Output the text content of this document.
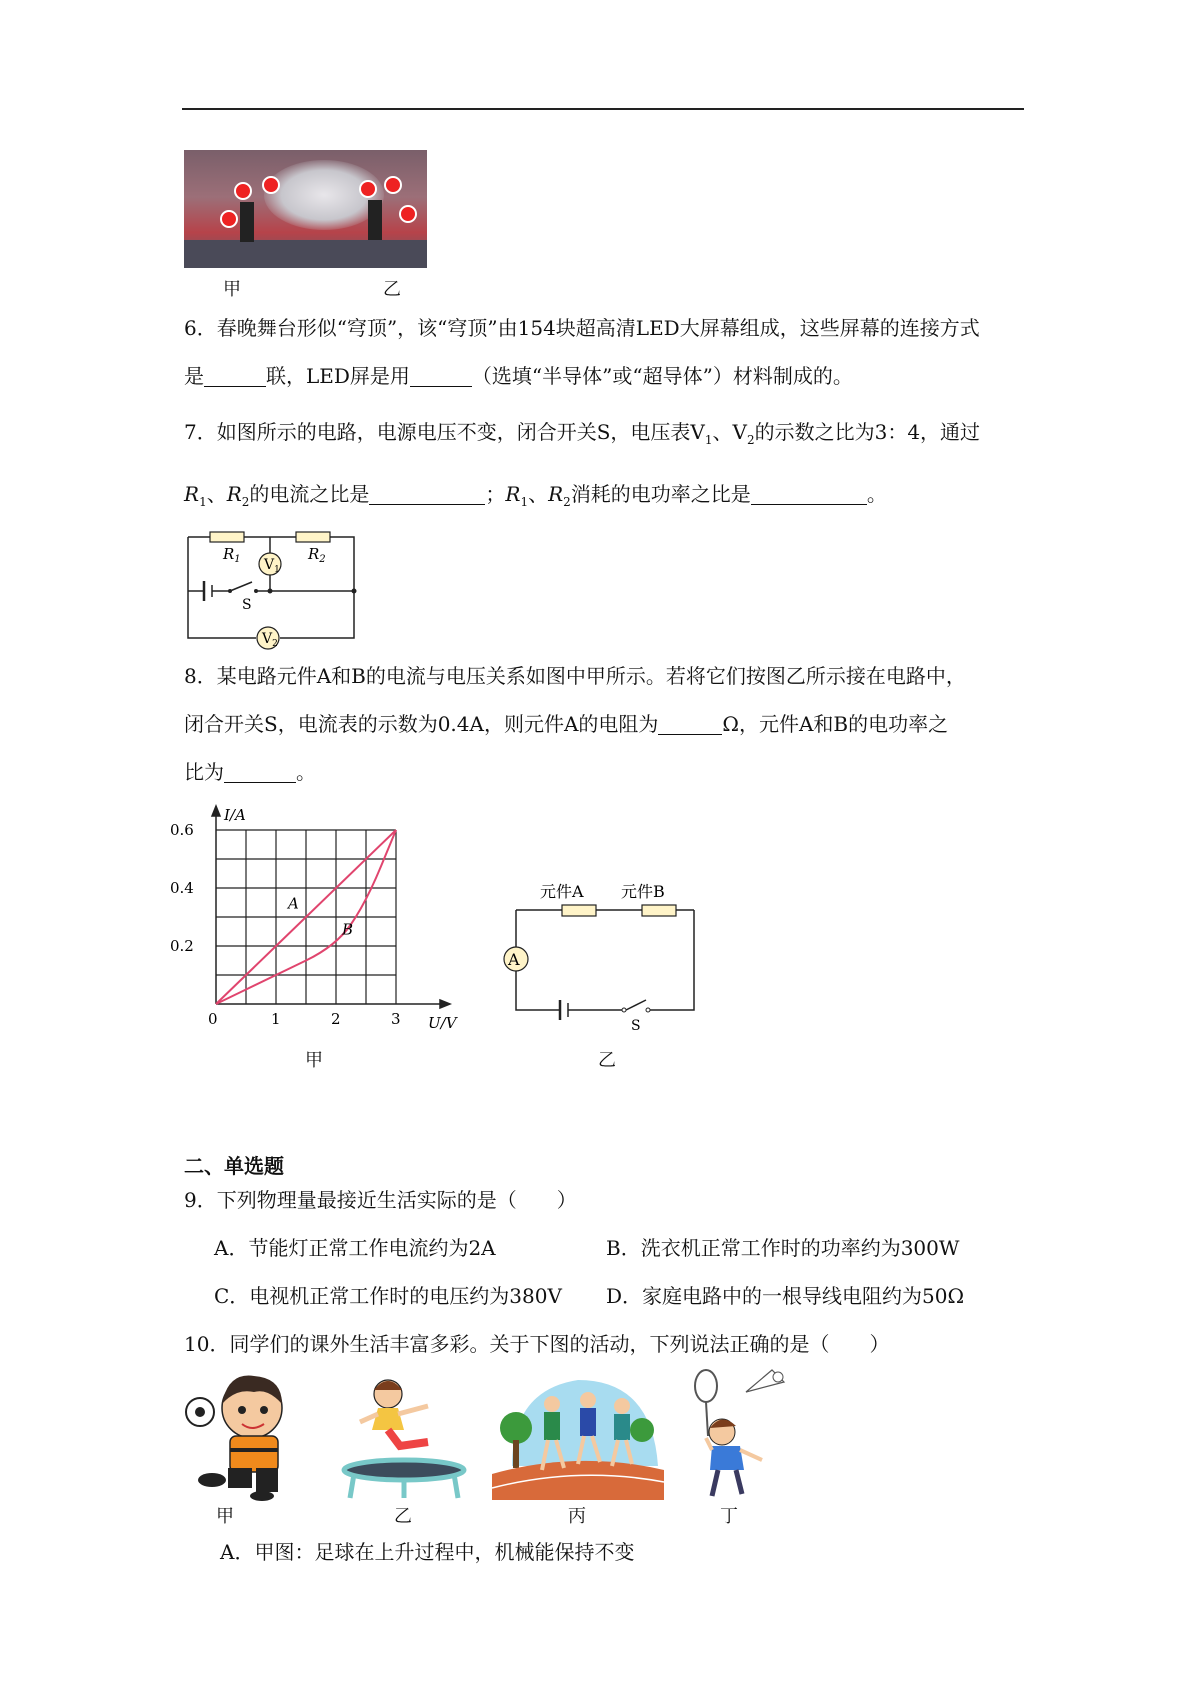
甲	乙
6．春晚舞台形似“穹顶”，该“穹顶”由154块超高清LED大屏幕组成，这些屏幕的连接方式
是	联，LED屏是用	（选填“半导体”或“超导体”）材料制成的。
7．如图所示的电路，电源电压不变，闭合开关S，电压表$V_1$、$V_2$的示数之比为3：4，通过
$R_1$、$R_2$的电流之比是	；$R_1$、$R_2$消耗的电功率之比是	。
$R_1$	$R_2$
$V_1$
$V_2$
S
8．某电路元件A和B的电流与电压关系如图中甲所示。若将它们按图乙所示接在电路中，
闭合开关S，电流表的示数为0.4A，则元件A的电阻为	Ω，元件A和B的电功率之
比为	。
0	1	2	3
0.2
0.4
0.6
A
B
I/A
U/V
甲
A
元件A 元件B
S
乙
二、单选题
9．下列物理量最接近生活实际的是（　　）
A．节能灯正常工作电流约为2A	B．洗衣机正常工作时的功率约为300W
C．电视机正常工作时的电压约为380V D．家庭电路中的一根导线电阻约为50Ω
10．同学们的课外生活丰富多彩。关于下图的活动，下列说法正确的是（　　）
甲	乙	丙	丁
A．甲图：足球在上升过程中，机械能保持不变
